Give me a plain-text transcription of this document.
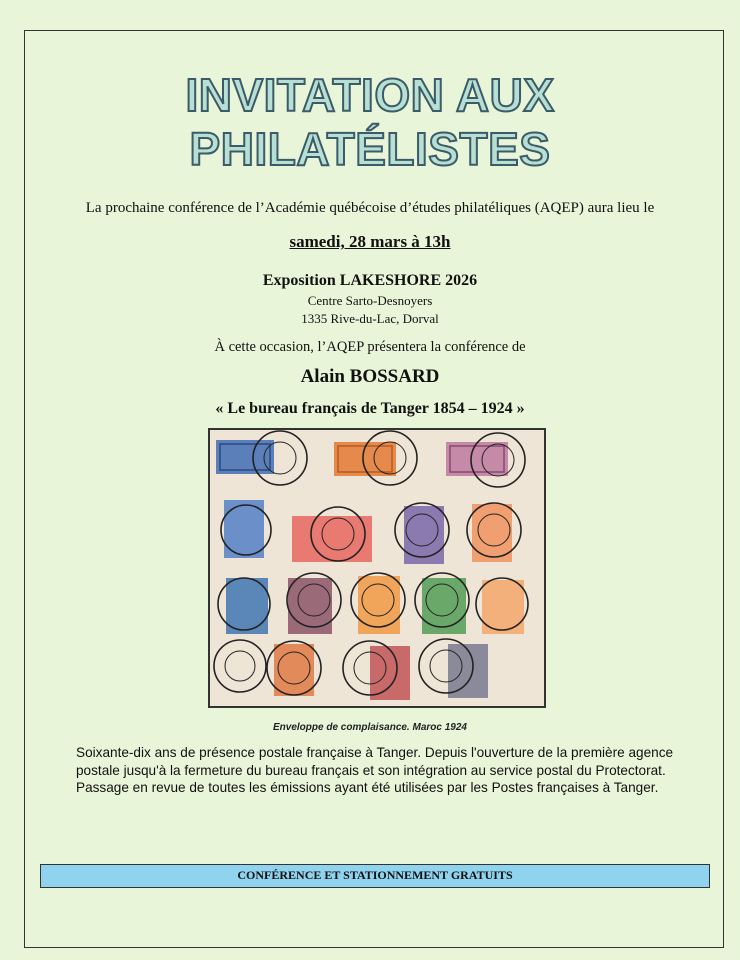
INVITATION AUX
PHILATÉLISTES
La prochaine conférence de l’Académie québécoise d’études philatéliques (AQEP) aura lieu le
samedi, 28 mars à 13h
Exposition LAKESHORE 2026
Centre Sarto-Desnoyers
1335 Rive-du-Lac, Dorval
À cette occasion, l’AQEP présentera la conférence de
Alain BOSSARD
« Le bureau français de Tanger 1854 – 1924 »
Enveloppe de complaisance. Maroc 1924
Soixante-dix ans de présence postale française à Tanger. Depuis l'ouverture de la première agence postale jusqu'à la fermeture du bureau français et son intégration au service postal du Protectorat.
Passage en revue de toutes les émissions ayant été utilisées par les Postes françaises à Tanger.
CONFÉRENCE ET STATIONNEMENT GRATUITS
